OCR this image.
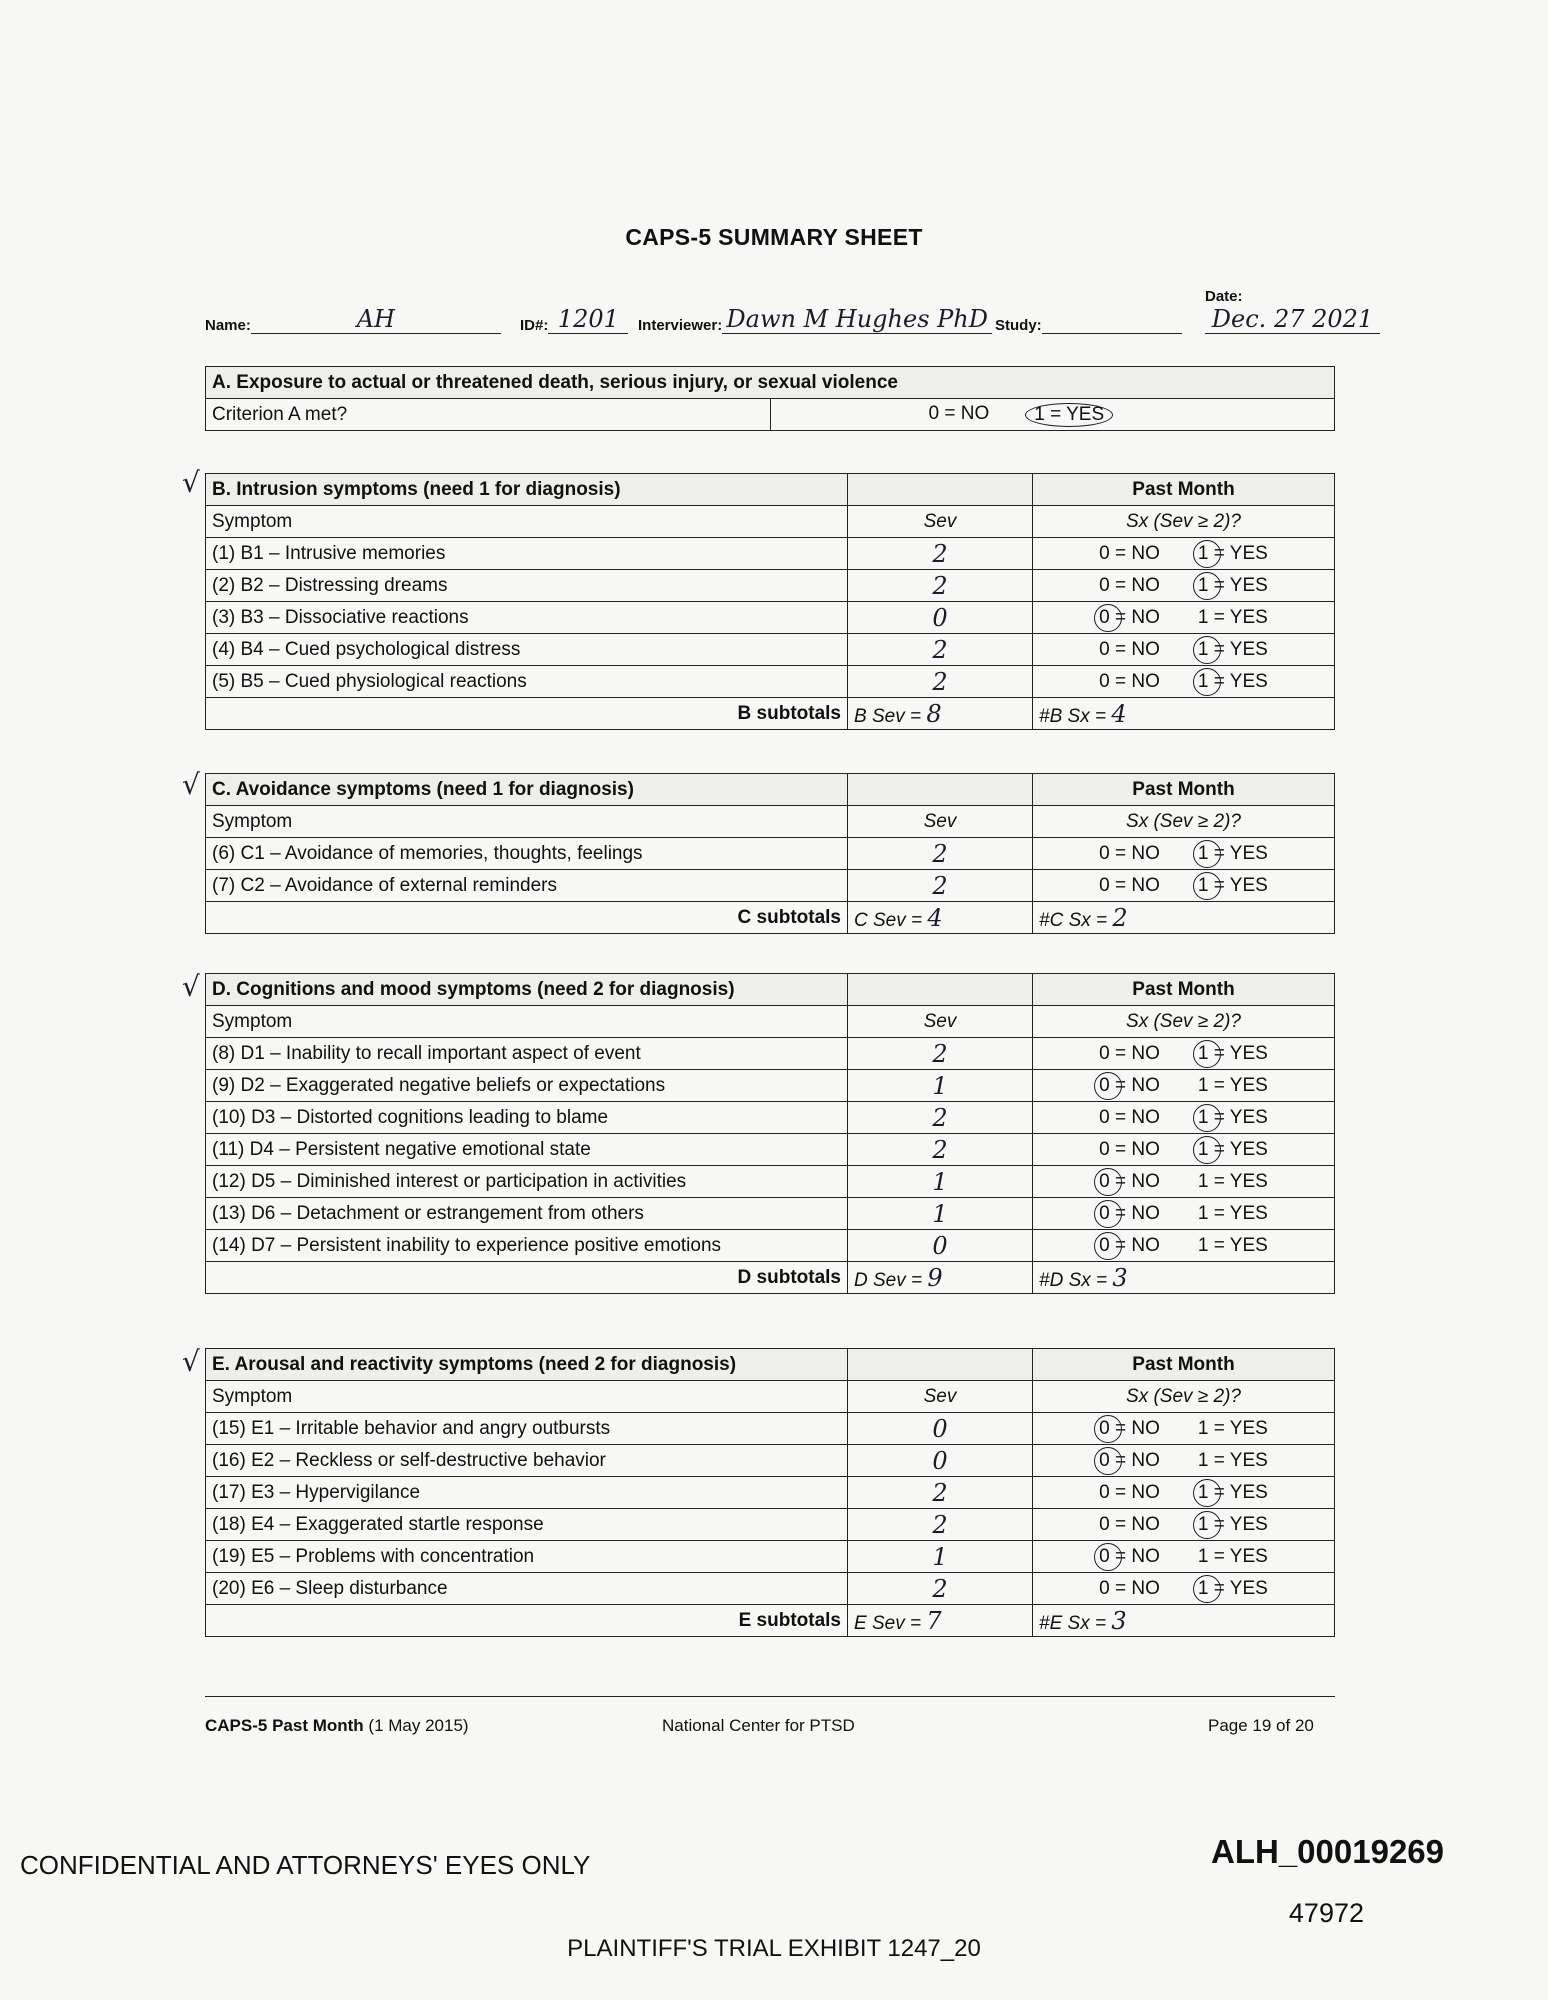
CAPS-5 SUMMARY SHEET
Name:	AH	ID#: 1201	Interviewer: Dawn M Hughes PhD Study:
Date:Dec. 27 2021
A. Exposure to actual or threatened death, serious injury, or sexual violence
Criterion A met?	0 = NO	1 = YES
√ B. Intrusion symptoms (need 1 for diagnosis)		Past Month
Symptom	Sev	Sx (Sev ≥ 2)?
(1) B1 – Intrusive memories	2	0 = NO 1 = YES

(2) B2 – Distressing dreams	2	0 = NO 1 = YES

(3) B3 – Dissociative reactions	0	0 = NO 1 = YES

(4) B4 – Cued psychological distress	2	0 = NO 1 = YES

(5) B5 – Cued physiological reactions	2	0 = NO 1 = YES

B subtotals	B Sev = 8	#B Sx = 4
√ C. Avoidance symptoms (need 1 for diagnosis)		Past Month
Symptom	Sev	Sx (Sev ≥ 2)?
(6) C1 – Avoidance of memories, thoughts, feelings	2	0 = NO 1 = YES

(7) C2 – Avoidance of external reminders	2	0 = NO 1 = YES

C subtotals	C Sev = 4	#C Sx = 2
√ D. Cognitions and mood symptoms (need 2 for diagnosis)		Past Month
Symptom	Sev	Sx (Sev ≥ 2)?
(8) D1 – Inability to recall important aspect of event	2	0 = NO 1 = YES

(9) D2 – Exaggerated negative beliefs or expectations	1	0 = NO 1 = YES

(10) D3 – Distorted cognitions leading to blame	2	0 = NO 1 = YES

(11) D4 – Persistent negative emotional state	2	0 = NO 1 = YES

(12) D5 – Diminished interest or participation in activities	1	0 = NO 1 = YES

(13) D6 – Detachment or estrangement from others	1	0 = NO 1 = YES

(14) D7 – Persistent inability to experience positive emotions	0	0 = NO 1 = YES

D subtotals	D Sev = 9	#D Sx = 3
√ E. Arousal and reactivity symptoms (need 2 for diagnosis)		Past Month
Symptom	Sev	Sx (Sev ≥ 2)?
(15) E1 – Irritable behavior and angry outbursts	0	0 = NO 1 = YES

(16) E2 – Reckless or self-destructive behavior	0	0 = NO 1 = YES

(17) E3 – Hypervigilance	2	0 = NO 1 = YES

(18) E4 – Exaggerated startle response	2	0 = NO 1 = YES

(19) E5 – Problems with concentration	1	0 = NO 1 = YES

(20) E6 – Sleep disturbance	2	0 = NO 1 = YES

E subtotals	E Sev = 7	#E Sx = 3
CAPS-5 Past Month (1 May 2015)	National Center for PTSD	Page 19 of 20
CONFIDENTIAL AND ATTORNEYS' EYES ONLY	ALH_00019269
47972
PLAINTIFF'S TRIAL EXHIBIT 1247_20
